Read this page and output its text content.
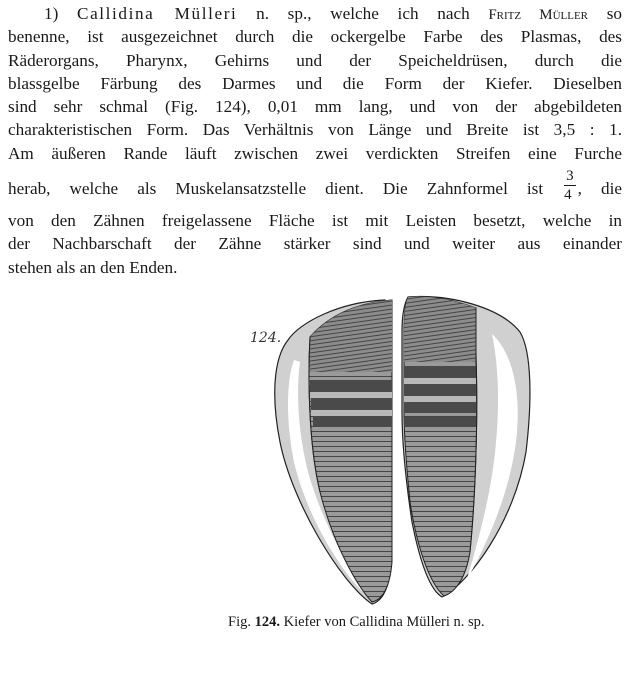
1) Callidina Mülleri n. sp., welche ich nach Fritz Müller so
benenne, ist ausgezeichnet durch die ockergelbe Farbe des Plasmas, des
Räderorgans, Pharynx, Gehirns und der Speicheldrüsen, durch die
blassgelbe Färbung des Darmes und die Form der Kiefer. Dieselben
sind sehr schmal (Fig. 124), 0,01 mm lang, und von der abgebildeten
charakteristischen Form. Das Verhältnis von Länge und Breite ist 3,5 : 1.
Am äußeren Rande läuft zwischen zwei verdickten Streifen eine Furche
herab, welche als Muskelansatzstelle dient. Die Zahnformel ist $\frac{3}{4}$ , die
von den Zähnen freigelassene Fläche ist mit Leisten besetzt, welche in
der Nachbarschaft der Zähne stärker sind und weiter aus einander
stehen als an den Enden.
124.
Fig. 124. Kiefer von Callidina Mülleri n. sp.
